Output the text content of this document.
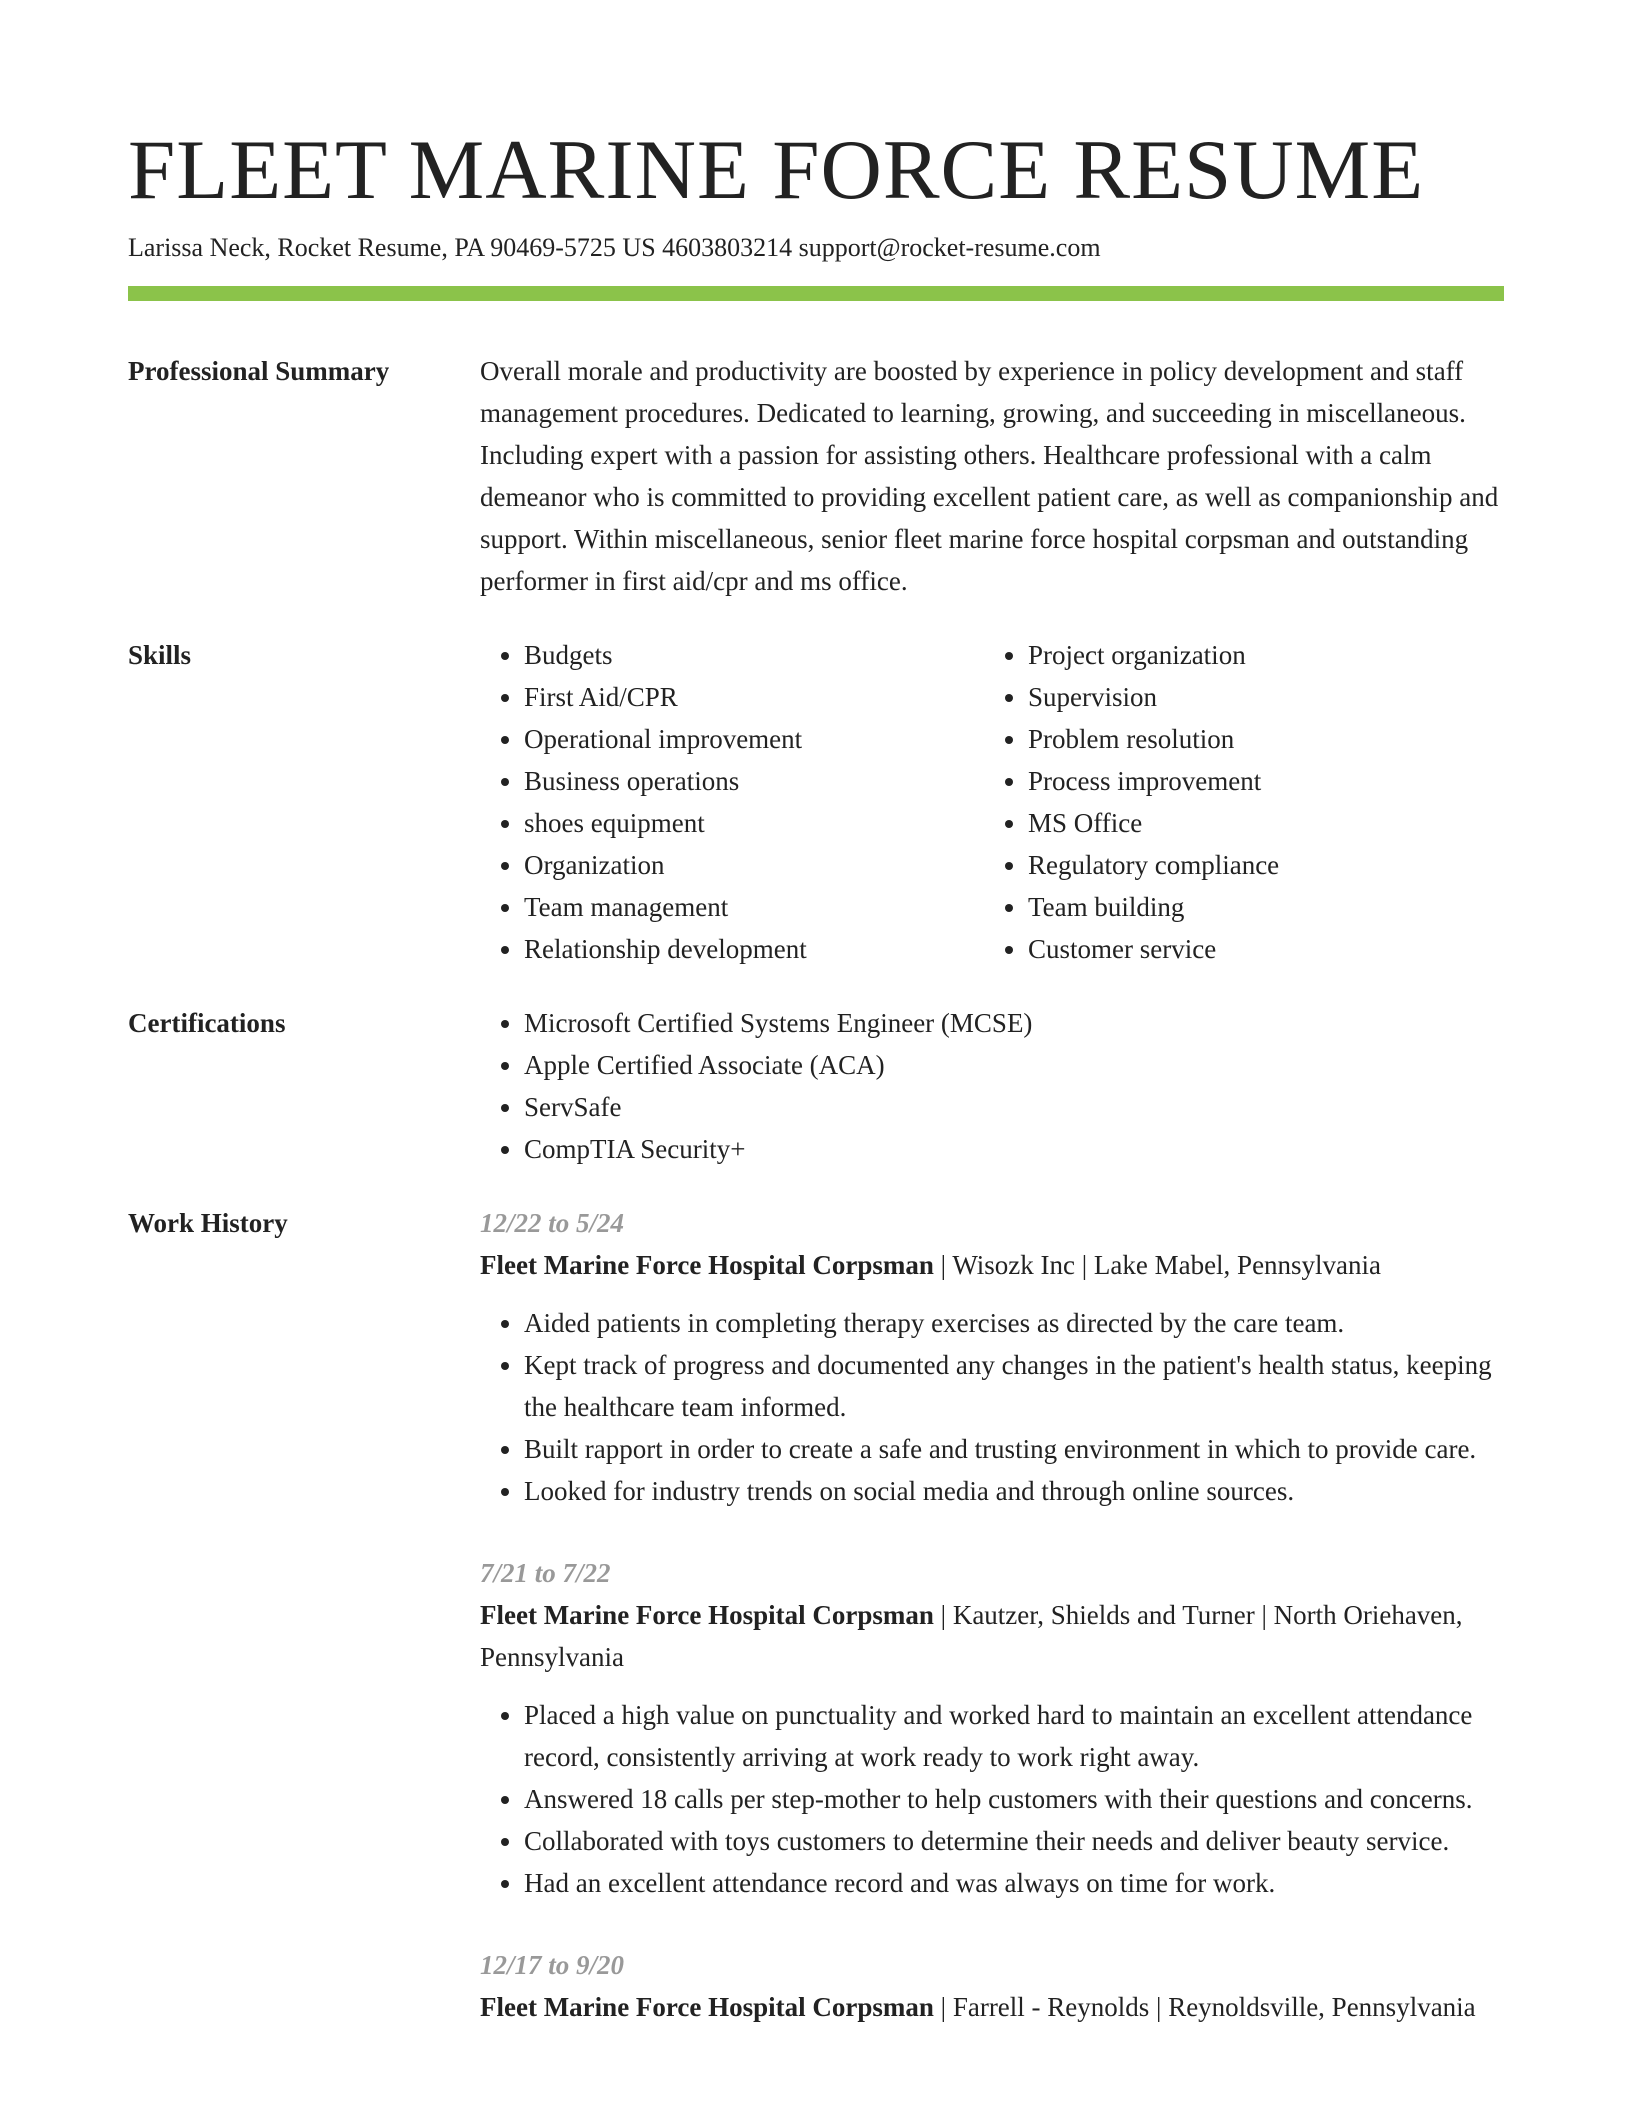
FLEET MARINE FORCE RESUME
Larissa Neck, Rocket Resume, PA 90469-5725 US 4603803214 support@rocket-resume.com
Professional Summary	Overall morale and productivity are boosted by experience in policy development and staff management procedures. Dedicated to learning, growing, and succeeding in miscellaneous. Including expert with a passion for assisting others. Healthcare professional with a calm demeanor who is committed to providing excellent patient care, as well as companionship and support. Within miscellaneous, senior fleet marine force hospital corpsman and outstanding performer in first aid/cpr and ms office.

Skills	• Budgets
• First Aid/CPR
• Operational improvement
• Business operations
• shoes equipment
• Organization
• Team management
• Relationship development
• Project organization
• Supervision
• Problem resolution
• Process improvement
• MS Office
• Regulatory compliance
• Team building
• Customer service
Certifications	• Microsoft Certified Systems Engineer (MCSE)
• Apple Certified Associate (ACA)
• ServSafe
• CompTIA Security+
Work History	12/22 to 5/24
Fleet Marine Force Hospital Corpsman | Wisozk Inc | Lake Mabel, Pennsylvania
• Aided patients in completing therapy exercises as directed by the care team.
• Kept track of progress and documented any changes in the patient's health status, keeping the healthcare team informed.
• Built rapport in order to create a safe and trusting environment in which to provide care.
• Looked for industry trends on social media and through online sources.
7/21 to 7/22
Fleet Marine Force Hospital Corpsman | Kautzer, Shields and Turner | North Oriehaven, Pennsylvania
• Placed a high value on punctuality and worked hard to maintain an excellent attendance record, consistently arriving at work ready to work right away.
• Answered 18 calls per step-mother to help customers with their questions and concerns.
• Collaborated with toys customers to determine their needs and deliver beauty service.
• Had an excellent attendance record and was always on time for work.
12/17 to 9/20
Fleet Marine Force Hospital Corpsman | Farrell - Reynolds | Reynoldsville, Pennsylvania
